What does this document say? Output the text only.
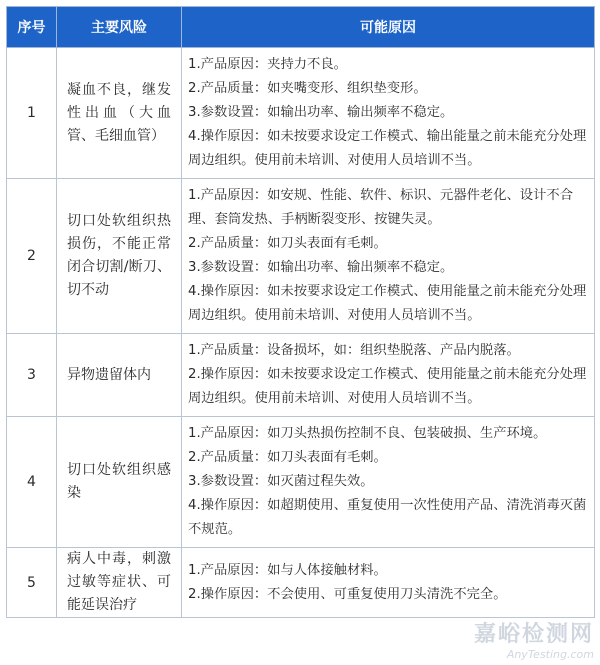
序号	主要风险	可能原因
1	凝血不良，继发性出血（大血管、毛细血管）	1.产品原因：夹持力不良。
2.产品质量：如夹嘴变形、组织垫变形。
3.参数设置：如输出功率、输出频率不稳定。
4.操作原因：如未按要求设定工作模式、输出能量之前未能充分处理周边组织。使用前未培训、对使用人员培训不当。

2	切口处软组织热损伤，不能正常闭合切割/断刀、切不动	1.产品原因：如安规、性能、软件、标识、元器件老化、设计不合理、套筒发热、手柄断裂变形、按键失灵。
2.产品质量：如刀头表面有毛刺。
3.参数设置：如输出功率、输出频率不稳定。
4.操作原因：如未按要求设定工作模式、使用能量之前未能充分处理周边组织。使用前未培训、对使用人员培训不当。

3	异物遗留体内	1.产品质量：设备损坏，如：组织垫脱落、产品内脱落。
2.操作原因：如未按要求设定工作模式、使用能量之前未能充分处理周边组织。使用前未培训、对使用人员培训不当。

4	切口处软组织感染	1.产品原因：如刀头热损伤控制不良、包装破损、生产环境。
2.产品质量：如刀头表面有毛刺。
3.参数设置：如灭菌过程失效。
4.操作原因：如超期使用、重复使用一次性使用产品、清洗消毒灭菌不规范。

5	病人中毒，刺激过敏等症状、可能延误治疗	1.产品原因：如与人体接触材料。
2.操作原因：不会使用、可重复使用刀头清洗不完全。
嘉峪检测网
AnyTesting.com
